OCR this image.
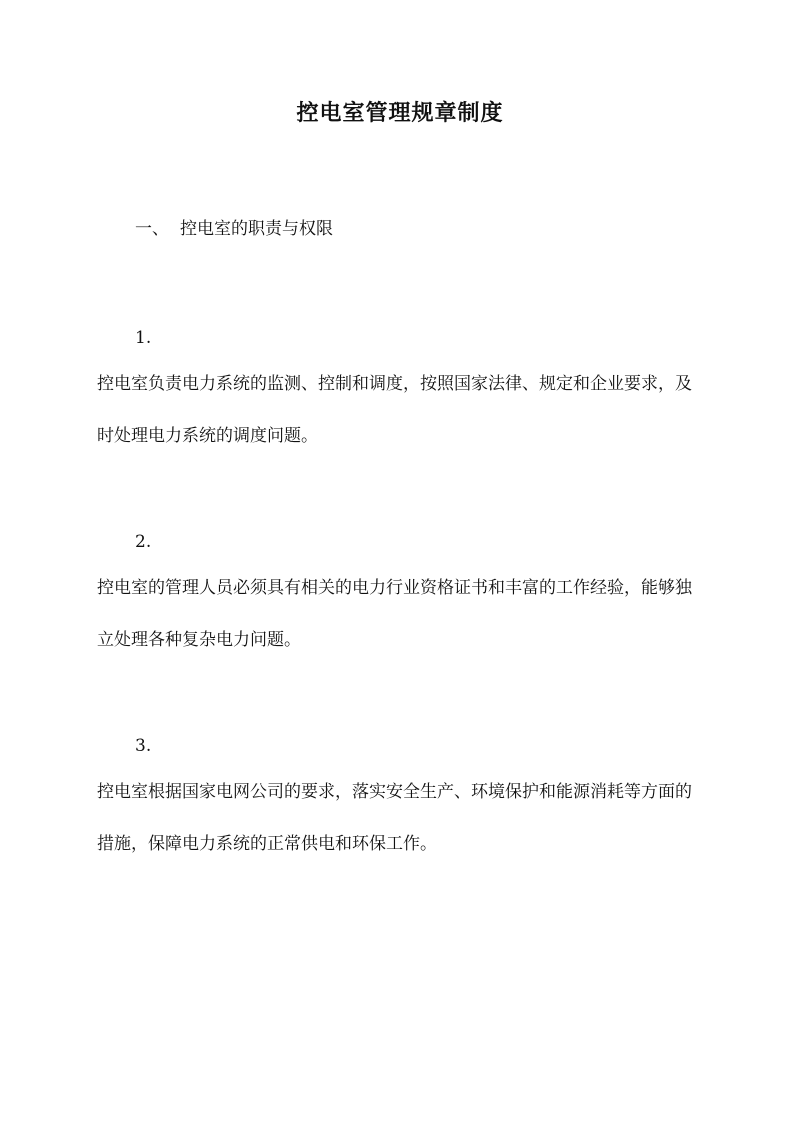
控电室管理规章制度
一、 控电室的职责与权限
1.

控电室负责电力系统的监测、控制和调度，按照国家法律、规定和企业要求，及时处理电力系统的调度问题。

2.

控电室的管理人员必须具有相关的电力行业资格证书和丰富的工作经验，能够独立处理各种复杂电力问题。

3.

控电室根据国家电网公司的要求，落实安全生产、环境保护和能源消耗等方面的措施，保障电力系统的正常供电和环保工作。
